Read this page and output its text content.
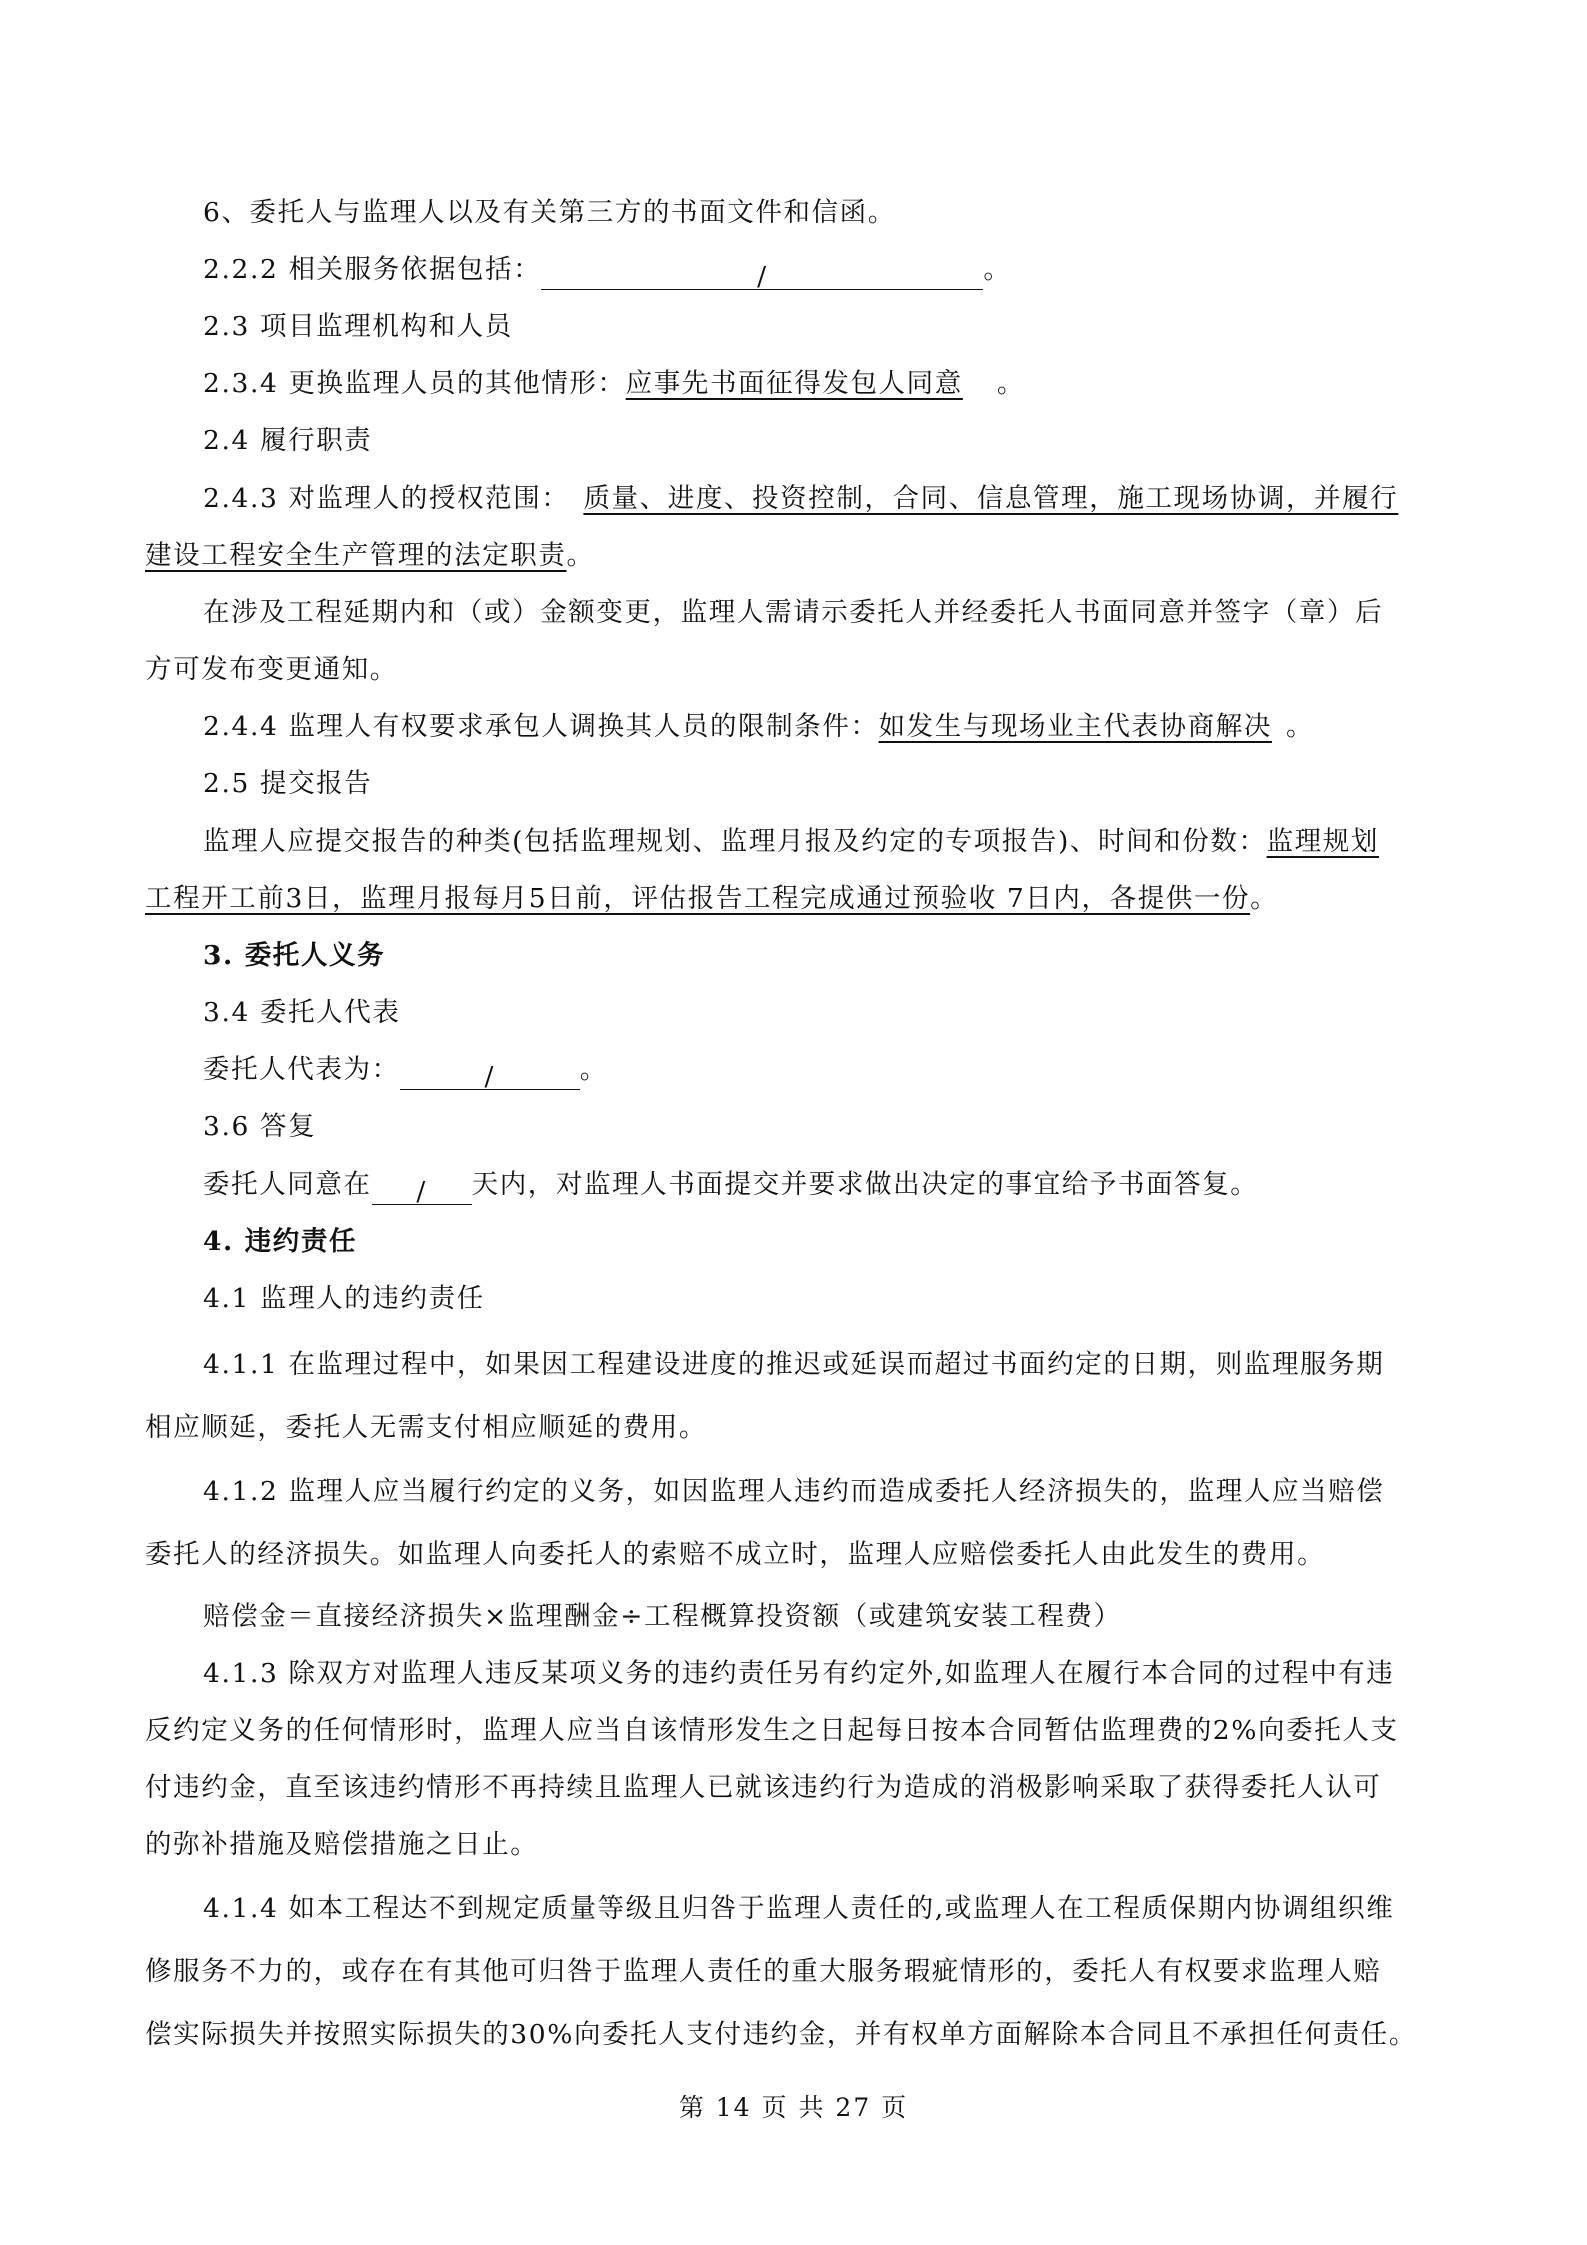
6、委托人与监理人以及有关第三方的书面文件和信函。
2.2.2 相关服务依据包括：	/	。
2.3 项目监理机构和人员
2.3.4 更换监理人员的其他情形：应事先书面征得发包人同意 。
2.4 履行职责
2.4.3 对监理人的授权范围： 质量、进度、投资控制，合同、信息管理，施工现场协调，并履行
建设工程安全生产管理的法定职责。
在涉及工程延期内和（或）金额变更，监理人需请示委托人并经委托人书面同意并签字（章）后
方可发布变更通知。
2.4.4 监理人有权要求承包人调换其人员的限制条件：如发生与现场业主代表协商解决 。
2.5 提交报告
监理人应提交报告的种类(包括监理规划、监理月报及约定的专项报告)、时间和份数：监理规划
工程开工前3日，监理月报每月5日前，评估报告工程完成通过预验收 7日内，各提供一份。
3. 委托人义务
3.4 委托人代表
委托人代表为：	/	。
3.6 答复
委托人同意在 / 天内，对监理人书面提交并要求做出决定的事宜给予书面答复。
4. 违约责任
4.1 监理人的违约责任
4.1.1 在监理过程中，如果因工程建设进度的推迟或延误而超过书面约定的日期，则监理服务期
相应顺延，委托人无需支付相应顺延的费用。
4.1.2 监理人应当履行约定的义务，如因监理人违约而造成委托人经济损失的，监理人应当赔偿
委托人的经济损失。如监理人向委托人的索赔不成立时，监理人应赔偿委托人由此发生的费用。
赔偿金＝直接经济损失×监理酬金÷工程概算投资额（或建筑安装工程费）
4.1.3 除双方对监理人违反某项义务的违约责任另有约定外,如监理人在履行本合同的过程中有违
反约定义务的任何情形时，监理人应当自该情形发生之日起每日按本合同暂估监理费的2%向委托人支
付违约金，直至该违约情形不再持续且监理人已就该违约行为造成的消极影响采取了获得委托人认可
的弥补措施及赔偿措施之日止。
4.1.4 如本工程达不到规定质量等级且归咎于监理人责任的,或监理人在工程质保期内协调组织维
修服务不力的，或存在有其他可归咎于监理人责任的重大服务瑕疵情形的，委托人有权要求监理人赔
偿实际损失并按照实际损失的30%向委托人支付违约金，并有权单方面解除本合同且不承担任何责任。
第 14 页 共 27 页
